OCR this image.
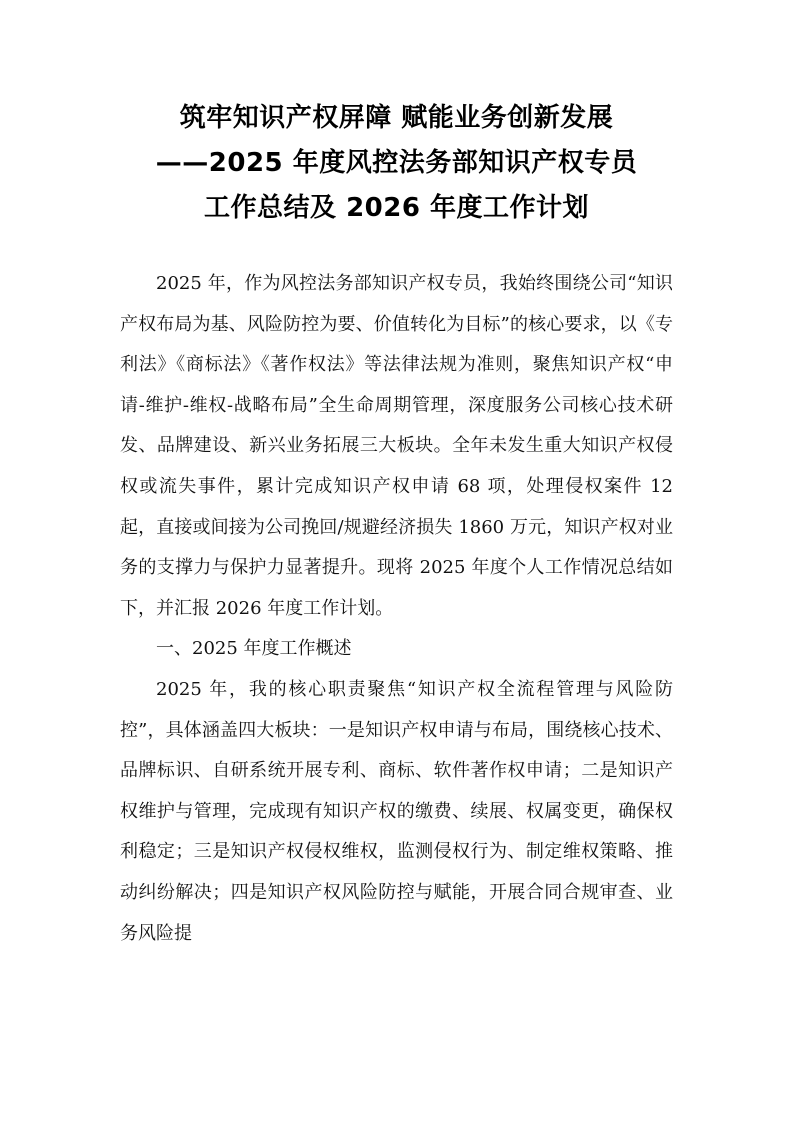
筑牢知识产权屏障 赋能业务创新发展
——2025 年度风控法务部知识产权专员
工作总结及 2026 年度工作计划

2025 年，作为风控法务部知识产权专员，我始终围绕公司“知识产权布局为基、风险防控为要、价值转化为目标”的核心要求，以《专利法》《商标法》《著作权法》等法律法规为准则，聚焦知识产权“申请-维护-维权-战略布局”全生命周期管理，深度服务公司核心技术研发、品牌建设、新兴业务拓展三大板块。全年未发生重大知识产权侵权或流失事件，累计完成知识产权申请 68 项，处理侵权案件 12 起，直接或间接为公司挽回/规避经济损失 1860 万元，知识产权对业务的支撑力与保护力显著提升。现将 2025 年度个人工作情况总结如下，并汇报 2026 年度工作计划。

一、2025 年度工作概述

2025 年，我的核心职责聚焦“知识产权全流程管理与风险防控”，具体涵盖四大板块：一是知识产权申请与布局，围绕核心技术、品牌标识、自研系统开展专利、商标、软件著作权申请；二是知识产权维护与管理，完成现有知识产权的缴费、续展、权属变更，确保权利稳定；三是知识产权侵权维权，监测侵权行为、制定维权策略、推动纠纷解决；四是知识产权风险防控与赋能，开展合同合规审查、业务风险提
